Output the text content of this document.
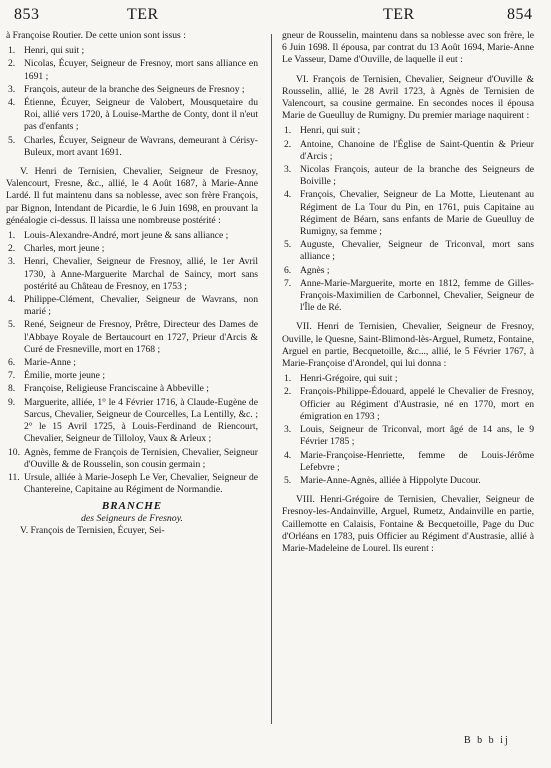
853	TER	TER	854

à Françoise Routier. De cette union sont issus :

1. Henri, qui suit ;
2. Nicolas, Écuyer, Seigneur de Fresnoy, mort sans alliance en 1691 ;
3. François, auteur de la branche des Seigneurs de Fresnoy ;
4. Étienne, Écuyer, Seigneur de Valobert, Mousquetaire du Roi, allié vers 1720, à Louise-Marthe de Conty, dont il n'eut pas d'enfants ;
5. Charles, Écuyer, Seigneur de Wavrans, demeurant à Cérisy-Buleux, mort avant 1691.

V. Henri de Ternisien, Chevalier, Seigneur de Fresnoy, Valencourt, Fresne, &c., allié, le 4 Août 1687, à Marie-Anne Lardé. Il fut maintenu dans sa noblesse, avec son frère François, par Bignon, Intendant de Picardie, le 6 Juin 1698, en prouvant la généalogie ci-dessus. Il laissa une nombreuse postérité :

1. Louis-Alexandre-André, mort jeune & sans alliance ;
2. Charles, mort jeune ;
3. Henri, Chevalier, Seigneur de Fresnoy, allié, le 1er Avril 1730, à Anne-Marguerite Marchal de Saincy, mort sans postérité au Château de Fresnoy, en 1753 ;
4. Philippe-Clément, Chevalier, Seigneur de Wavrans, non marié ;
5. René, Seigneur de Fresnoy, Prêtre, Directeur des Dames de l'Abbaye Royale de Bertaucourt en 1727, Prieur d'Arcis & Curé de Fresneville, mort en 1768 ;
6. Marie-Anne ;
7. Émilie, morte jeune ;
8. Françoise, Religieuse Franciscaine à Abbeville ;
9. Marguerite, alliée, 1° le 4 Février 1716, à Claude-Eugène de Sarcus, Chevalier, Seigneur de Courcelles, La Lentilly, &c. ; 2° le 15 Avril 1725, à Louis-Ferdinand de Riencourt, Chevalier, Seigneur de Tilloloy, Vaux & Arleux ;
10. Agnès, femme de François de Ternisien, Chevalier, Seigneur d'Ouville & de Rousselin, son cousin germain ;
11. Ursule, alliée à Marie-Joseph Le Ver, Chevalier, Seigneur de Chantereine, Capitaine au Régiment de Normandie.

BRANCHE

des Seigneurs de Fresnoy.

V. François de Ternisien, Écuyer, Sei-

gneur de Rousselin, maintenu dans sa noblesse avec son frère, le 6 Juin 1698. Il épousa, par contrat du 13 Août 1694, Marie-Anne Le Vasseur, Dame d'Ouville, de laquelle il eut :

VI. François de Ternisien, Chevalier, Seigneur d'Ouville & Rousselin, allié, le 28 Avril 1723, à Agnès de Ternisien de Valencourt, sa cousine germaine. En secondes noces il épousa Marie de Gueulluy de Rumigny. Du premier mariage naquirent :

1. Henri, qui suit ;
2. Antoine, Chanoine de l'Église de Saint-Quentin & Prieur d'Arcis ;
3. Nicolas François, auteur de la branche des Seigneurs de Boiville ;
4. François, Chevalier, Seigneur de La Motte, Lieutenant au Régiment de La Tour du Pin, en 1761, puis Capitaine au Régiment de Béarn, sans enfants de Marie de Gueulluy de Rumigny, sa femme ;
5. Auguste, Chevalier, Seigneur de Triconval, mort sans alliance ;
6. Agnès ;
7. Anne-Marie-Marguerite, morte en 1812, femme de Gilles-François-Maximilien de Carbonnel, Chevalier, Seigneur de l'Île de Ré.

VII. Henri de Ternisien, Chevalier, Seigneur de Fresnoy, Ouville, le Quesne, Saint-Blimond-lès-Arguel, Rumetz, Fontaine, Arguel en partie, Becquetoille, &c..., allié, le 5 Février 1767, à Marie-Françoise d'Arondel, qui lui donna :

1. Henri-Grégoire, qui suit ;
2. François-Philippe-Édouard, appelé le Chevalier de Fresnoy, Officier au Régiment d'Austrasie, né en 1770, mort en émigration en 1793 ;
3. Louis, Seigneur de Triconval, mort âgé de 14 ans, le 9 Février 1785 ;
4. Marie-Françoise-Henriette, femme de Louis-Jérôme Lefebvre ;
5. Marie-Anne-Agnès, alliée à Hippolyte Ducour.

VIII. Henri-Grégoire de Ternisien, Chevalier, Seigneur de Fresnoy-les-Andainville, Arguel, Rumetz, Andainville en partie, Caillemotte en Calaisis, Fontaine & Becquetoille, Page du Duc d'Orléans en 1783, puis Officier au Régiment d'Austrasie, allié à Marie-Madeleine de Lourel. Ils eurent :

B b b ij
